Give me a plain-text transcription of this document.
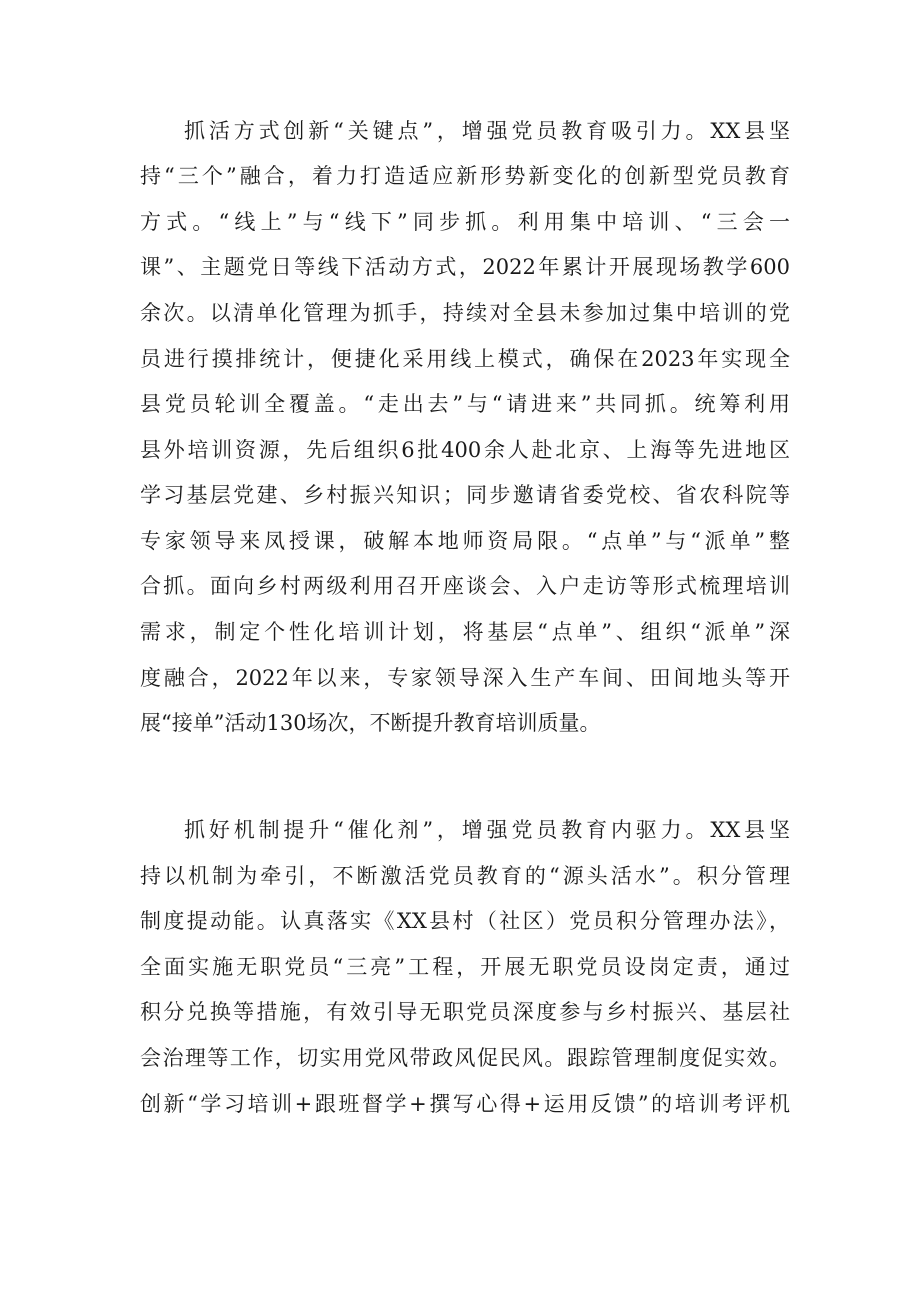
抓活方式创新“关键点”，增强党员教育吸引力。XX县坚

持“三个”融合，着力打造适应新形势新变化的创新型党员教育

方式。“线上”与“线下”同步抓。利用集中培训、“三会一

课”、主题党日等线下活动方式，2022年累计开展现场教学600

余次。以清单化管理为抓手，持续对全县未参加过集中培训的党

员进行摸排统计，便捷化采用线上模式，确保在2023年实现全

县党员轮训全覆盖。“走出去”与“请进来”共同抓。统筹利用

县外培训资源，先后组织6批400余人赴北京、上海等先进地区

学习基层党建、乡村振兴知识；同步邀请省委党校、省农科院等

专家领导来凤授课，破解本地师资局限。“点单”与“派单”整

合抓。面向乡村两级利用召开座谈会、入户走访等形式梳理培训

需求，制定个性化培训计划，将基层“点单”、组织“派单”深

度融合，2022年以来，专家领导深入生产车间、田间地头等开

展“接单”活动130场次，不断提升教育培训质量。

抓好机制提升“催化剂”，增强党员教育内驱力。XX县坚

持以机制为牵引，不断激活党员教育的“源头活水”。积分管理

制度提动能。认真落实《XX县村（社区）党员积分管理办法》，

全面实施无职党员“三亮”工程，开展无职党员设岗定责，通过

积分兑换等措施，有效引导无职党员深度参与乡村振兴、基层社

会治理等工作，切实用党风带政风促民风。跟踪管理制度促实效。

创新“学习培训+跟班督学+撰写心得+运用反馈”的培训考评机
